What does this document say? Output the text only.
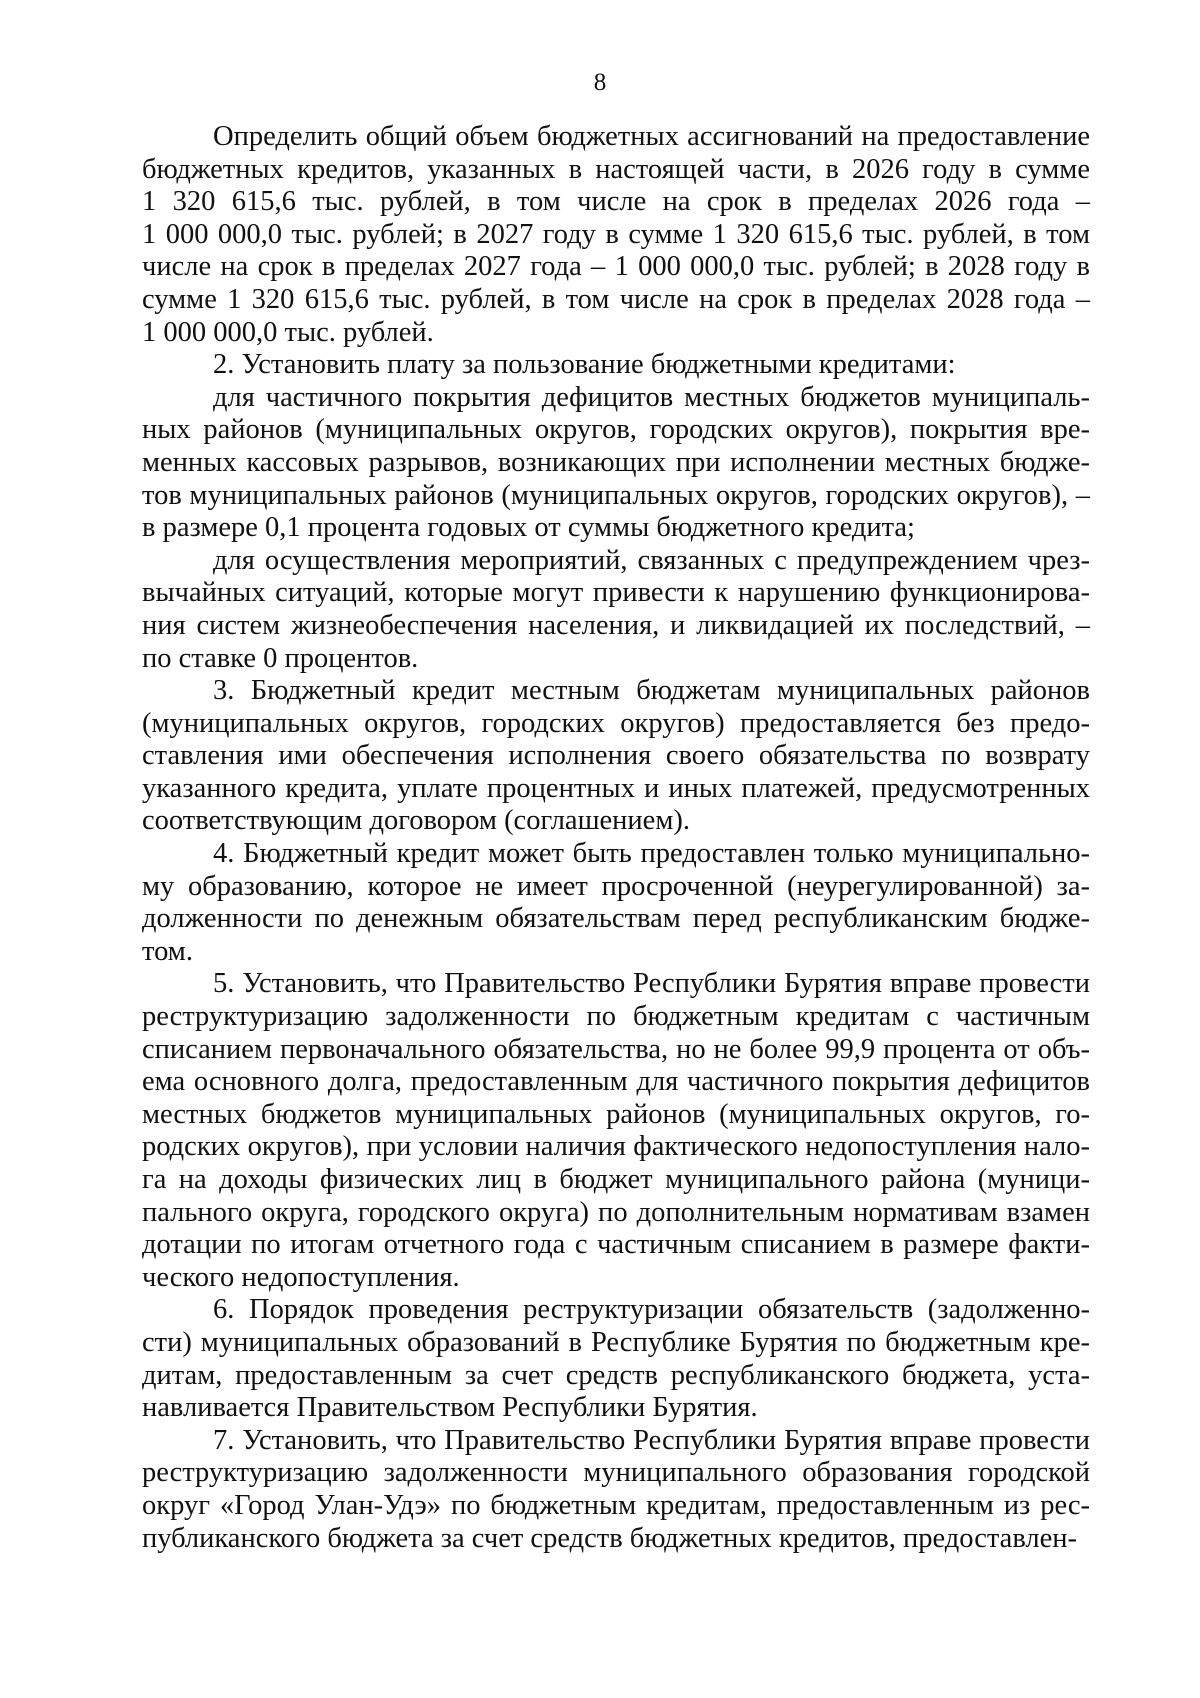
8

Определить общий объем бюджетных ассигнований на предоставление
бюджетных кредитов, указанных в настоящей части, в 2026 году в сумме
1 320 615,6 тыс. рублей, в том числе на срок в пределах 2026 года –
1 000 000,0 тыс. рублей; в 2027 году в сумме 1 320 615,6 тыс. рублей, в том
числе на срок в пределах 2027 года – 1 000 000,0 тыс. рублей; в 2028 году в
сумме 1 320 615,6 тыс. рублей, в том числе на срок в пределах 2028 года –
1 000 000,0 тыс. рублей.

2. Установить плату за пользование бюджетными кредитами:

для частичного покрытия дефицитов местных бюджетов муниципаль-
ных районов (муниципальных округов, городских округов), покрытия вре-
менных кассовых разрывов, возникающих при исполнении местных бюдже-
тов муниципальных районов (муниципальных округов, городских округов), –
в размере 0,1 процента годовых от суммы бюджетного кредита;

для осуществления мероприятий, связанных с предупреждением чрез-
вычайных ситуаций, которые могут привести к нарушению функционирова-
ния систем жизнеобеспечения населения, и ликвидацией их последствий, –
по ставке 0 процентов.

3. Бюджетный кредит местным бюджетам муниципальных районов
(муниципальных округов, городских округов) предоставляется без предо-
ставления ими обеспечения исполнения своего обязательства по возврату
указанного кредита, уплате процентных и иных платежей, предусмотренных
соответствующим договором (соглашением).

4. Бюджетный кредит может быть предоставлен только муниципально-
му образованию, которое не имеет просроченной (неурегулированной) за-
долженности по денежным обязательствам перед республиканским бюдже-
том.

5. Установить, что Правительство Республики Бурятия вправе провести
реструктуризацию задолженности по бюджетным кредитам с частичным
списанием первоначального обязательства, но не более 99,9 процента от объ-
ема основного долга, предоставленным для частичного покрытия дефицитов
местных бюджетов муниципальных районов (муниципальных округов, го-
родских округов), при условии наличия фактического недопоступления нало-
га на доходы физических лиц в бюджет муниципального района (муници-
пального округа, городского округа) по дополнительным нормативам взамен
дотации по итогам отчетного года с частичным списанием в размере факти-
ческого недопоступления.

6. Порядок проведения реструктуризации обязательств (задолженно-
сти) муниципальных образований в Республике Бурятия по бюджетным кре-
дитам, предоставленным за счет средств республиканского бюджета, уста-
навливается Правительством Республики Бурятия.

7. Установить, что Правительство Республики Бурятия вправе провести
реструктуризацию задолженности муниципального образования городской
округ «Город Улан-Удэ» по бюджетным кредитам, предоставленным из рес-
публиканского бюджета за счет средств бюджетных кредитов, предоставлен-
